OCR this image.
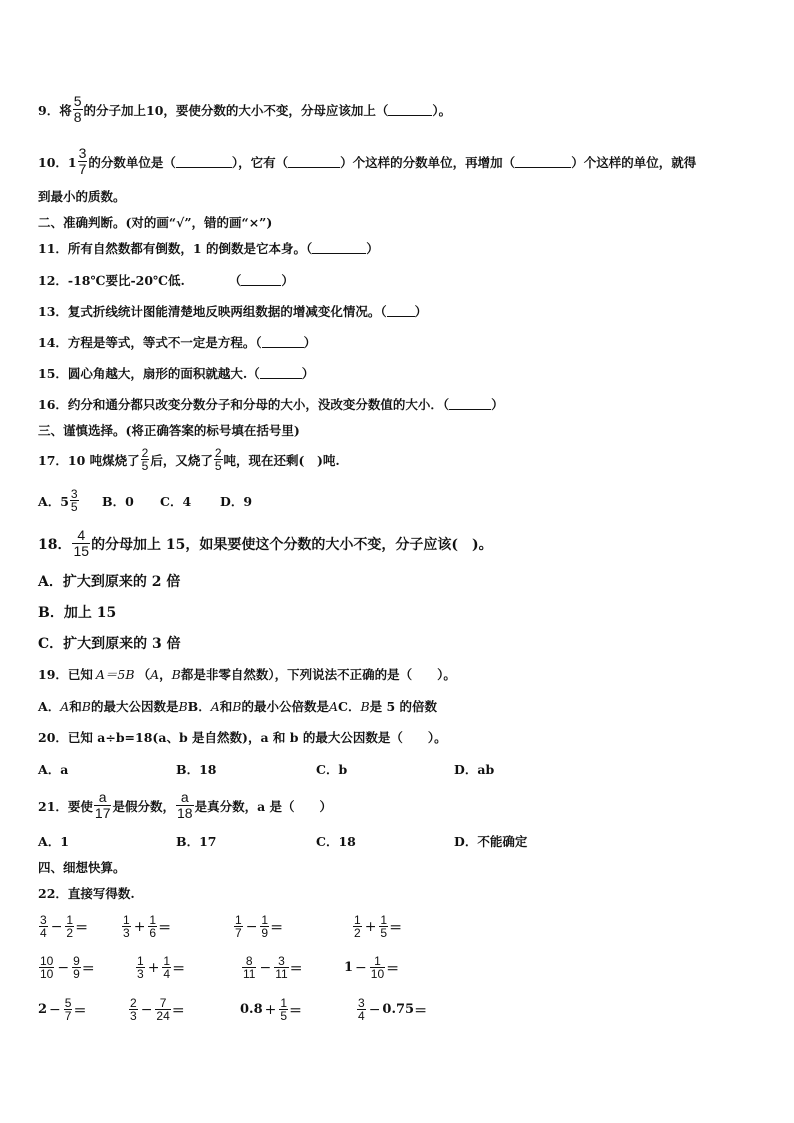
9．将 $\frac{5}{8}$ 的分子加上10，要使分数的大小不变，分母应该加上（	）。
10．$1 \frac{3}{7}$ 的分数单位是（	），它有（	）个这样的分数单位，再增加（	）个这样的单位，就得
到最小的质数。
二、准确判断。(对的画“√”，错的画“×”)
11．所有自然数都有倒数，1 的倒数是它本身。（	）
12．-18℃要比-20℃低.	（	）
13．复式折线统计图能清楚地反映两组数据的增减变化情况。（ ）
14．方程是等式，等式不一定是方程。（	）
15．圆心角越大，扇形的面积就越大.（	）
16．约分和通分都只改变分数分子和分母的大小，没改变分数值的大小．（	）
三、谨慎选择。(将正确答案的标号填在括号里)
17．10 吨煤烧了 $\frac{2}{5}$ 后，又烧了 $\frac{2}{5}$ 吨，现在还剩(　)吨.
A．$5 \frac{3}{5}$ B．0	C．4	D．9
18． $\frac{4}{15}$ 的分母加上 15，如果要使这个分数的大小不变，分子应该(　)。
A．扩大到原来的 2 倍
B．加上 15
C．扩大到原来的 3 倍
19．已知 A＝5B （ A ， B 都是非零自然数），下列说法不正确的是（　　）。
A．A和B的最大公因数是B B．A和B的最小公倍数是A C．B是 5 的倍数
20．已知 a÷b=18(a、b 是自然数)，a 和 b 的最大公因数是（　　）。
A．a	B．18	C．b	D．ab
21．要使 $\frac{a}{17}$ 是假分数， $\frac{a}{18}$ 是真分数，a 是（　　）
A．1	B．17	C．18	D．不能确定
四、细想快算。
22．直接写得数.
$\frac{3}{4} - \frac{1}{2}$ ＝	$\frac{1}{3} + \frac{1}{6}$ ＝	$\frac{1}{7} - \frac{1}{9}$ ＝	$\frac{1}{2} + \frac{1}{5}$ ＝
$\frac{10}{10} - \frac{9}{9}$ ＝	$\frac{1}{3} + \frac{1}{4}$ ＝	$\frac{8}{11} - \frac{3}{11}$ ＝	$1 - \frac{1}{10}$ ＝
$2 - \frac{5}{7}$ ＝	$\frac{2}{3} - \frac{7}{24}$ ＝	$0.8 + \frac{1}{5}$ ＝	$\frac{3}{4} - 0.75$ ＝
